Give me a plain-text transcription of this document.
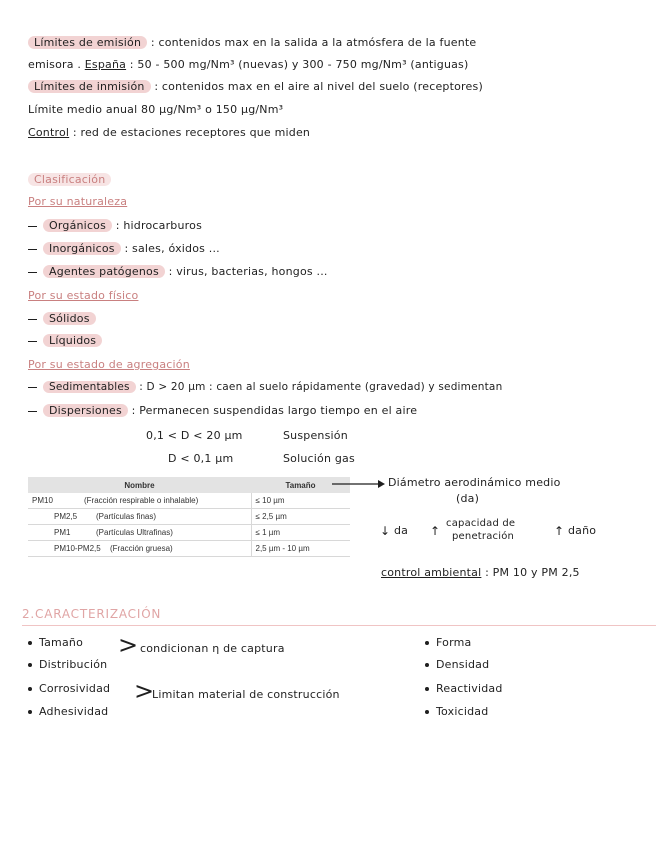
Límites de emisión : contenidos max en la salida a la atmósfera de la fuente
emisora . España : 50 - 500 mg/Nm³ (nuevas) y 300 - 750 mg/Nm³ (antiguas)
Límites de inmisión : contenidos max en el aire al nivel del suelo (receptores)
Límite medio anual 80 µg/Nm³ o 150 µg/Nm³
Control : red de estaciones receptores que miden
Clasificación
Por su naturaleza
Orgánicos : hidrocarburos
Inorgánicos : sales, óxidos ...
Agentes patógenos : virus, bacterias, hongos ...
Por su estado físico
Sólidos
Líquidos
Por su estado de agregación
Sedimentables : D > 20 µm : caen al suelo rápidamente (gravedad) y sedimentan
Dispersiones : Permanecen suspendidas largo tiempo en el aire
0,1 < D < 20 µm	Suspensión
D < 0,1 µm	Solución gas
Nombre	Tamaño
PM10 (Fracción respirable o inhalable)	≤ 10 µm
PM2,5 (Partículas finas)	≤ 2,5 µm
PM1 (Partículas Ultrafinas)	≤ 1 µm
PM10-PM2,5 (Fracción gruesa)	2,5 µm - 10 µm
Diámetro aerodinámico medio
(da)
↓ da ↑
capacidad de
penetración	↑ daño
control ambiental : PM 10 y PM 2,5
2.CARACTERIZACIÓN
Tamaño
Distribución
> condicionan η de captura
Corrosividad
Adhesividad
>
Limitan material de construcción
Forma
Densidad
Reactividad
Toxicidad
